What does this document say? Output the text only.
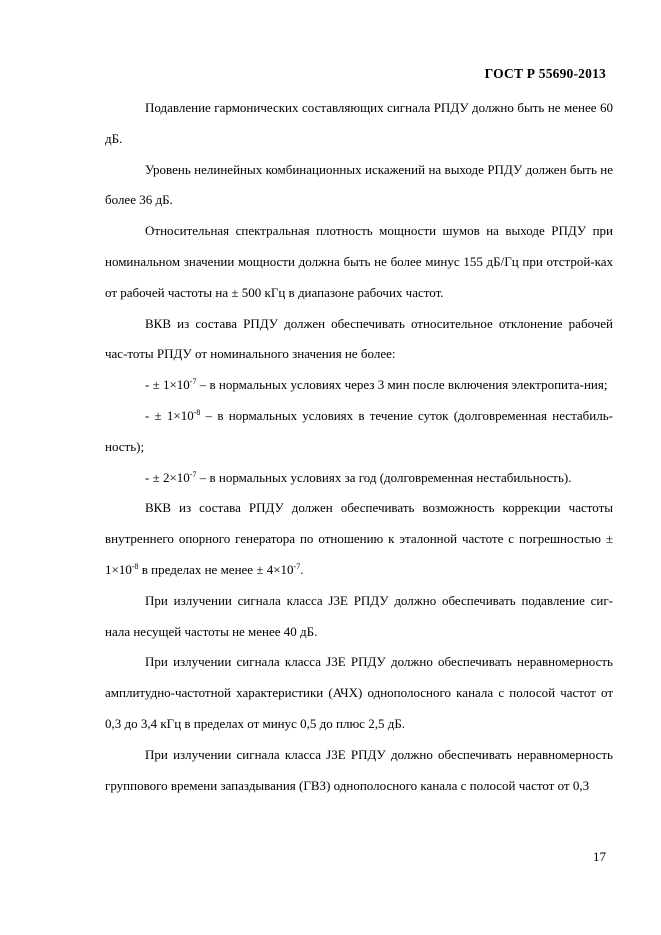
ГОСТ Р 55690-2013

Подавление гармонических составляющих сигнала РПДУ должно быть не менее 60 дБ.

Уровень нелинейных комбинационных искажений на выходе РПДУ должен быть не более 36 дБ.

Относительная спектральная плотность мощности шумов на выходе РПДУ при номинальном значении мощности должна быть не более минус 155 дБ/Гц при отстрой-ках от рабочей частоты на ± 500 кГц в диапазоне рабочих частот.

ВКВ из состава РПДУ должен обеспечивать относительное отклонение рабочей час-тоты РПДУ от номинального значения не более:

- ± $1\times 10^{-7} - в$ нормальных условиях через 3 мин после включения электропита-ния;

- ± $1\times 10^{-8} - в$ нормальных условиях в течение суток (долговременная нестабиль-ность);

- ± $2\times 10^{-7} - в$ нормальных условиях за год (долговременная нестабильность).

ВКВ из состава РПДУ должен обеспечивать возможность коррекции частоты внутреннего опорного генератора по отношению к эталонной частоте с погрешностью ± $1\times 10^{-8}$ в пределах не менее ± $4\times 10^{-7}$.

При излучении сигнала класса J3E РПДУ должно обеспечивать подавление сиг-нала несущей частоты не менее 40 дБ.

При излучении сигнала класса J3E РПДУ должно обеспечивать неравномерность амплитудно-частотной характеристики (АЧХ) однополосного канала с полосой частот от 0,3 до 3,4 кГц в пределах от минус 0,5 до плюс 2,5 дБ.

При излучении сигнала класса J3E РПДУ должно обеспечивать неравномерность группового времени запаздывания (ГВЗ) однополосного канала с полосой частот от 0,3

17
